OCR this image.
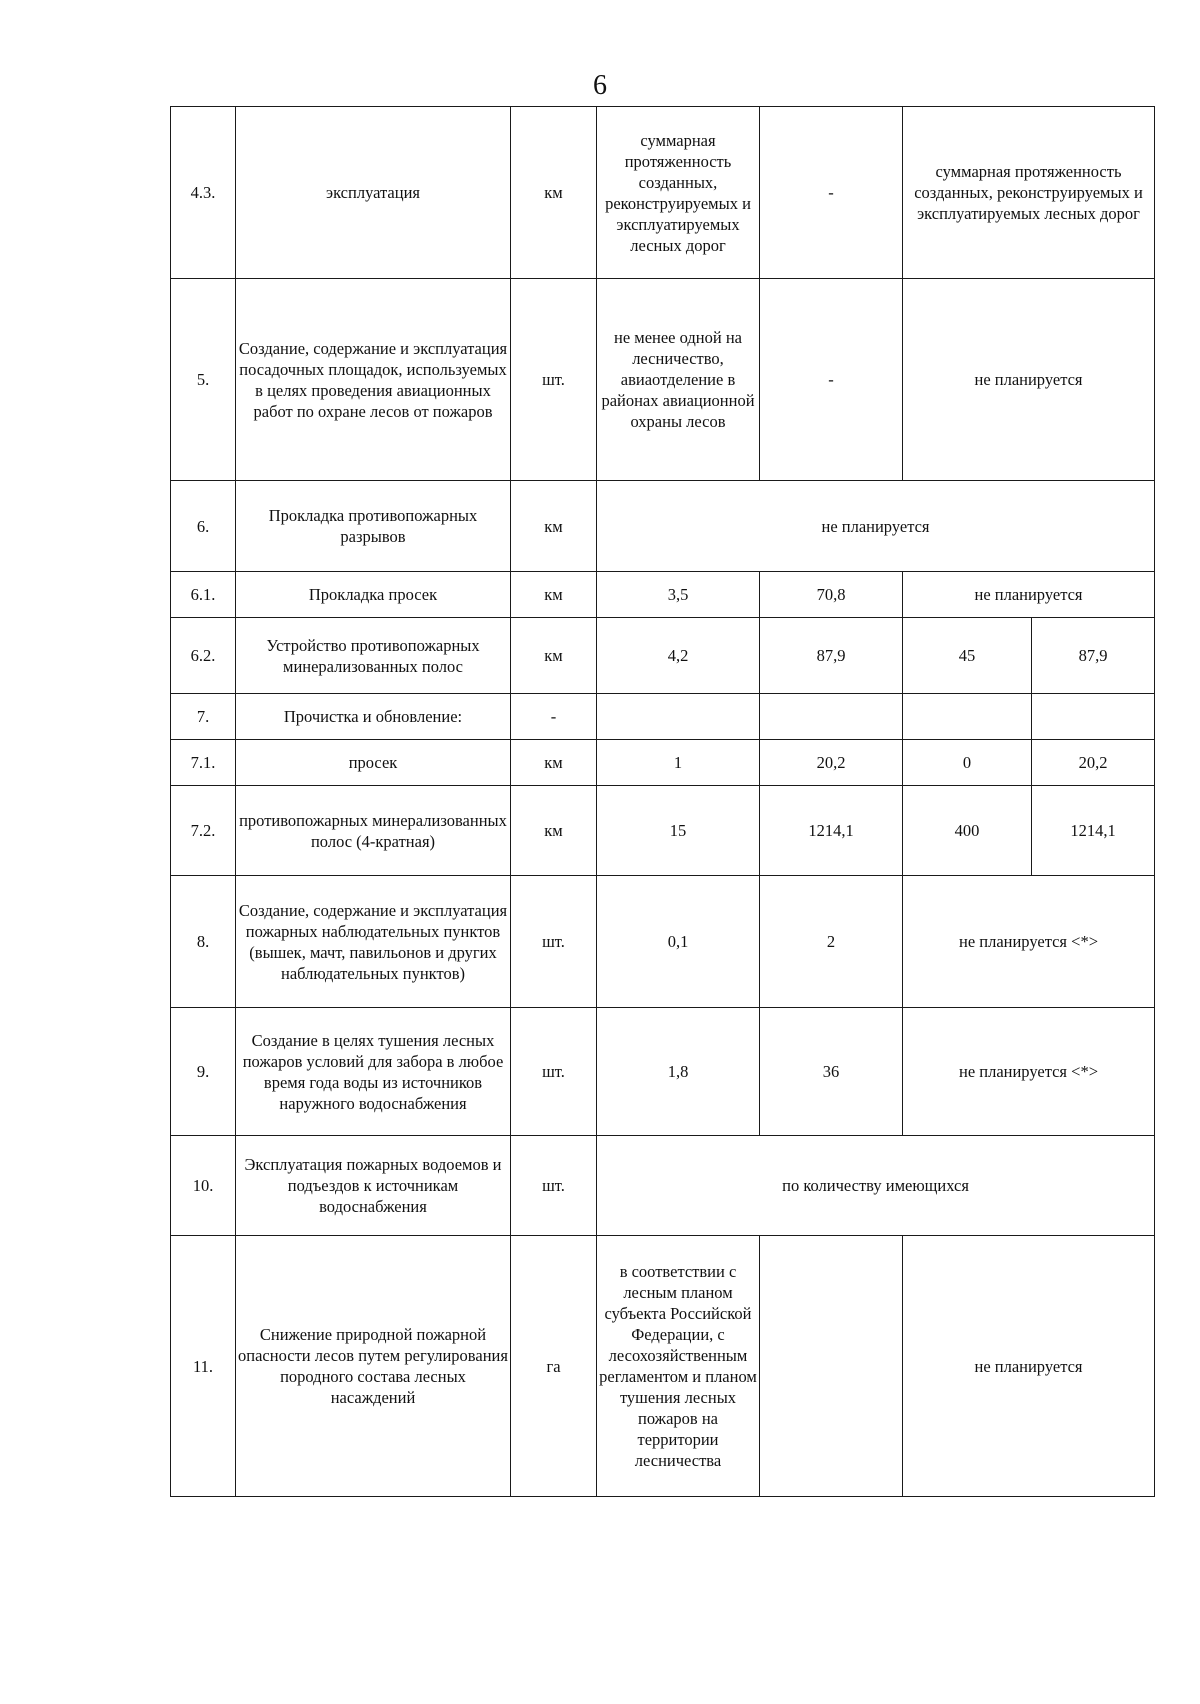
6
4.3.	эксплуатация	км	суммарная протяженность созданных, реконструируемых и эксплуатируемых лесных дорог	-	суммарная протяженность созданных, реконструируемых и эксплуатируемых лесных дорог	
5.	Создание, содержание и эксплуатация посадочных площадок, используемых в целях проведения авиационных работ по охране лесов от пожаров	шт.	не менее одной на лесничество, авиаотделение в районах авиационной охраны лесов	-	не планируется	
6.	Прокладка противопожарных разрывов	км	не планируется			
6.1.	Прокладка просек	км	3,5	70,8	не планируется	
6.2.	Устройство противопожарных минерализованных полос	км	4,2	87,9	45	87,9
7.	Прочистка и обновление:	-				
7.1.	просек	км	1	20,2	0	20,2
7.2.	противопожарных минерализованных полос (4-кратная)	км	15	1214,1	400	1214,1
8.	Создание, содержание и эксплуатация пожарных наблюдательных пунктов (вышек, мачт, павильонов и других наблюдательных пунктов)	шт.	0,1	2	не планируется <*>	
9.	Создание в целях тушения лесных пожаров условий для забора в любое время года воды из источников наружного водоснабжения	шт.	1,8	36	не планируется <*>	
10.	Эксплуатация пожарных водоемов и подъездов к источникам водоснабжения	шт.	по количеству имеющихся			
11.	Снижение природной пожарной опасности лесов путем регулирования породного состава лесных насаждений	га	в соответствии с лесным планом субъекта Российской Федерации, с лесохозяйственным регламентом и планом тушения лесных пожаров на территории лесничества		не планируется	
